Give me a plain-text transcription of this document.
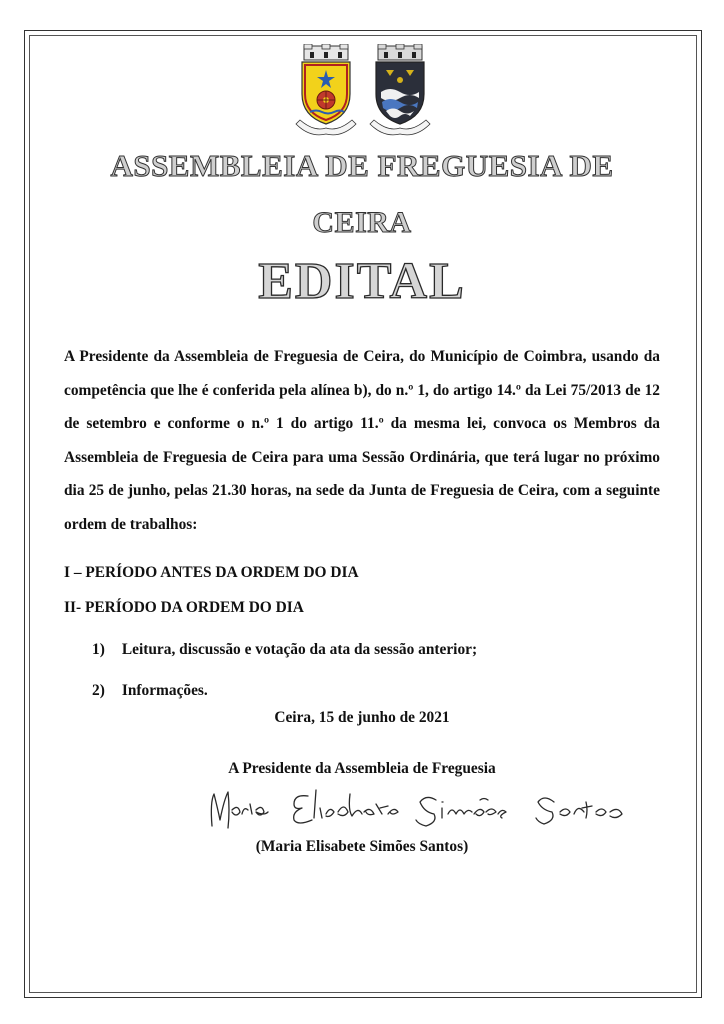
ASSEMBLEIA DE FREGUESIA DE
CEIRA
EDITAL

A Presidente da Assembleia de Freguesia de Ceira, do Município de Coimbra, usando da competência que lhe é conferida pela alínea b), do n.º 1, do artigo 14.º da Lei 75/2013 de 12 de setembro e conforme o n.º 1 do artigo 11.º da mesma lei, convoca os Membros da Assembleia de Freguesia de Ceira para uma Sessão Ordinária, que terá lugar no próximo dia 25 de junho, pelas 21.30 horas, na sede da Junta de Freguesia de Ceira, com a seguinte ordem de trabalhos:

I – PERÍODO ANTES DA ORDEM DO DIA

II- PERÍODO DA ORDEM DO DIA

1) Leitura, discussão e votação da ata da sessão anterior;

2) Informações.

Ceira, 15 de junho de 2021

A Presidente da Assembleia de Freguesia

(Maria Elisabete Simões Santos)
